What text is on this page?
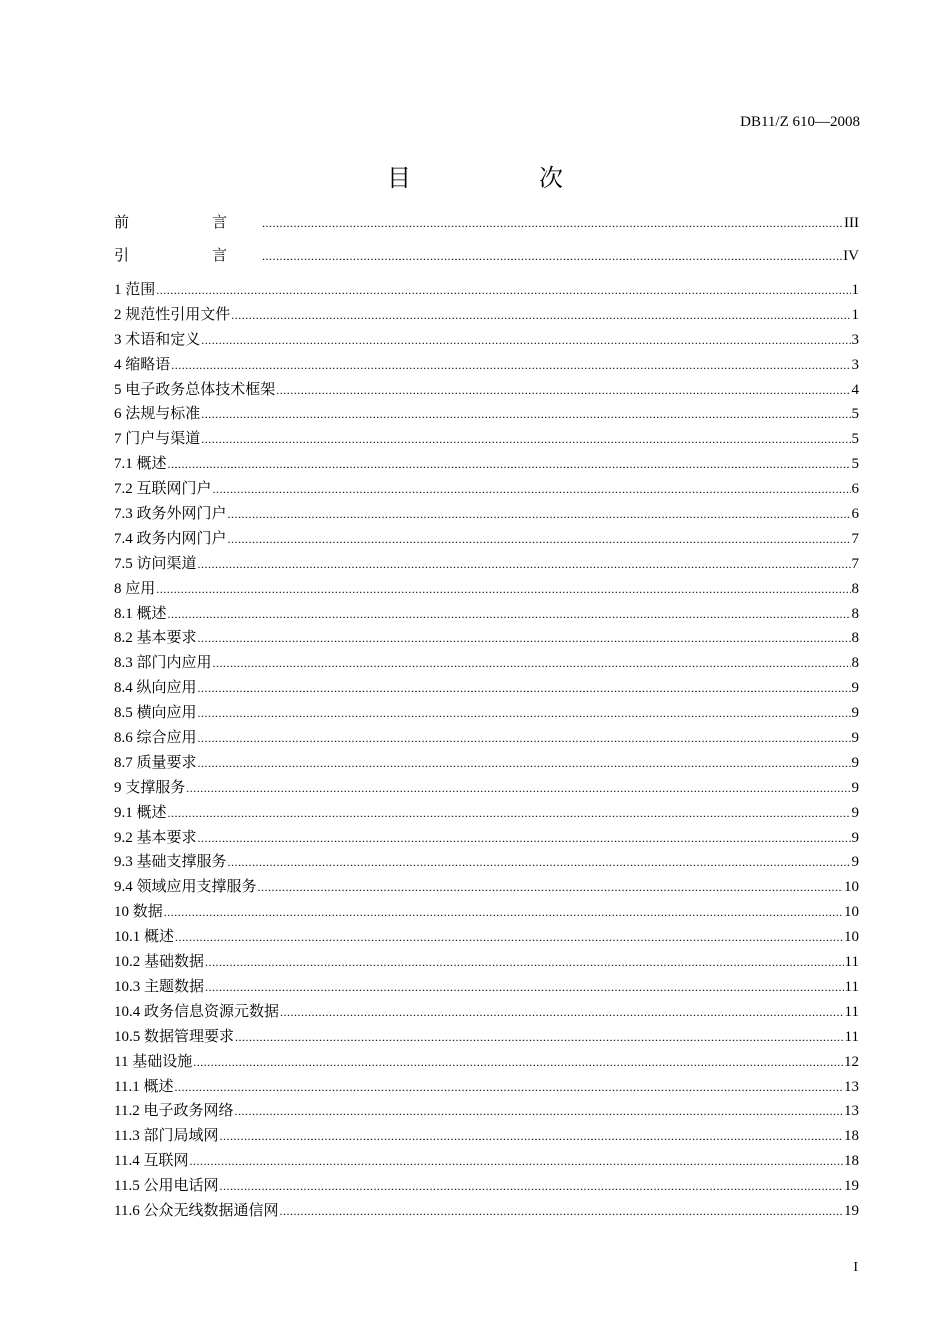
DB11/Z 610—2008
目　次
前　言 .....	III
引　言 .....	IV
1 范围 .....	1
2 规范性引用文件 .....	1
3 术语和定义 .....	3
4 缩略语 .....	3
5 电子政务总体技术框架 .....	4
6 法规与标准 .....	5
7 门户与渠道 .....	5
7.1 概述 .....	5
7.2 互联网门户 .....	6
7.3 政务外网门户 .....	6
7.4 政务内网门户 .....	7
7.5 访问渠道 .....	7
8 应用 .....	8
8.1 概述 .....	8
8.2 基本要求 .....	8
8.3 部门内应用 .....	8
8.4 纵向应用 .....	9
8.5 横向应用 .....	9
8.6 综合应用 .....	9
8.7 质量要求 .....	9
9 支撑服务 .....	9
9.1 概述 .....	9
9.2 基本要求 .....	9
9.3 基础支撑服务 .....	9
9.4 领域应用支撑服务 .....	10
10 数据 .....	10
10.1 概述 .....	10
10.2 基础数据 .....	11
10.3 主题数据 .....	11
10.4 政务信息资源元数据 .....	11
10.5 数据管理要求 .....	11
11 基础设施 .....	12
11.1 概述 .....	13
11.2 电子政务网络 .....	13
11.3 部门局域网 .....	18
11.4 互联网 .....	18
11.5 公用电话网 .....	19
11.6 公众无线数据通信网 .....	19
I
